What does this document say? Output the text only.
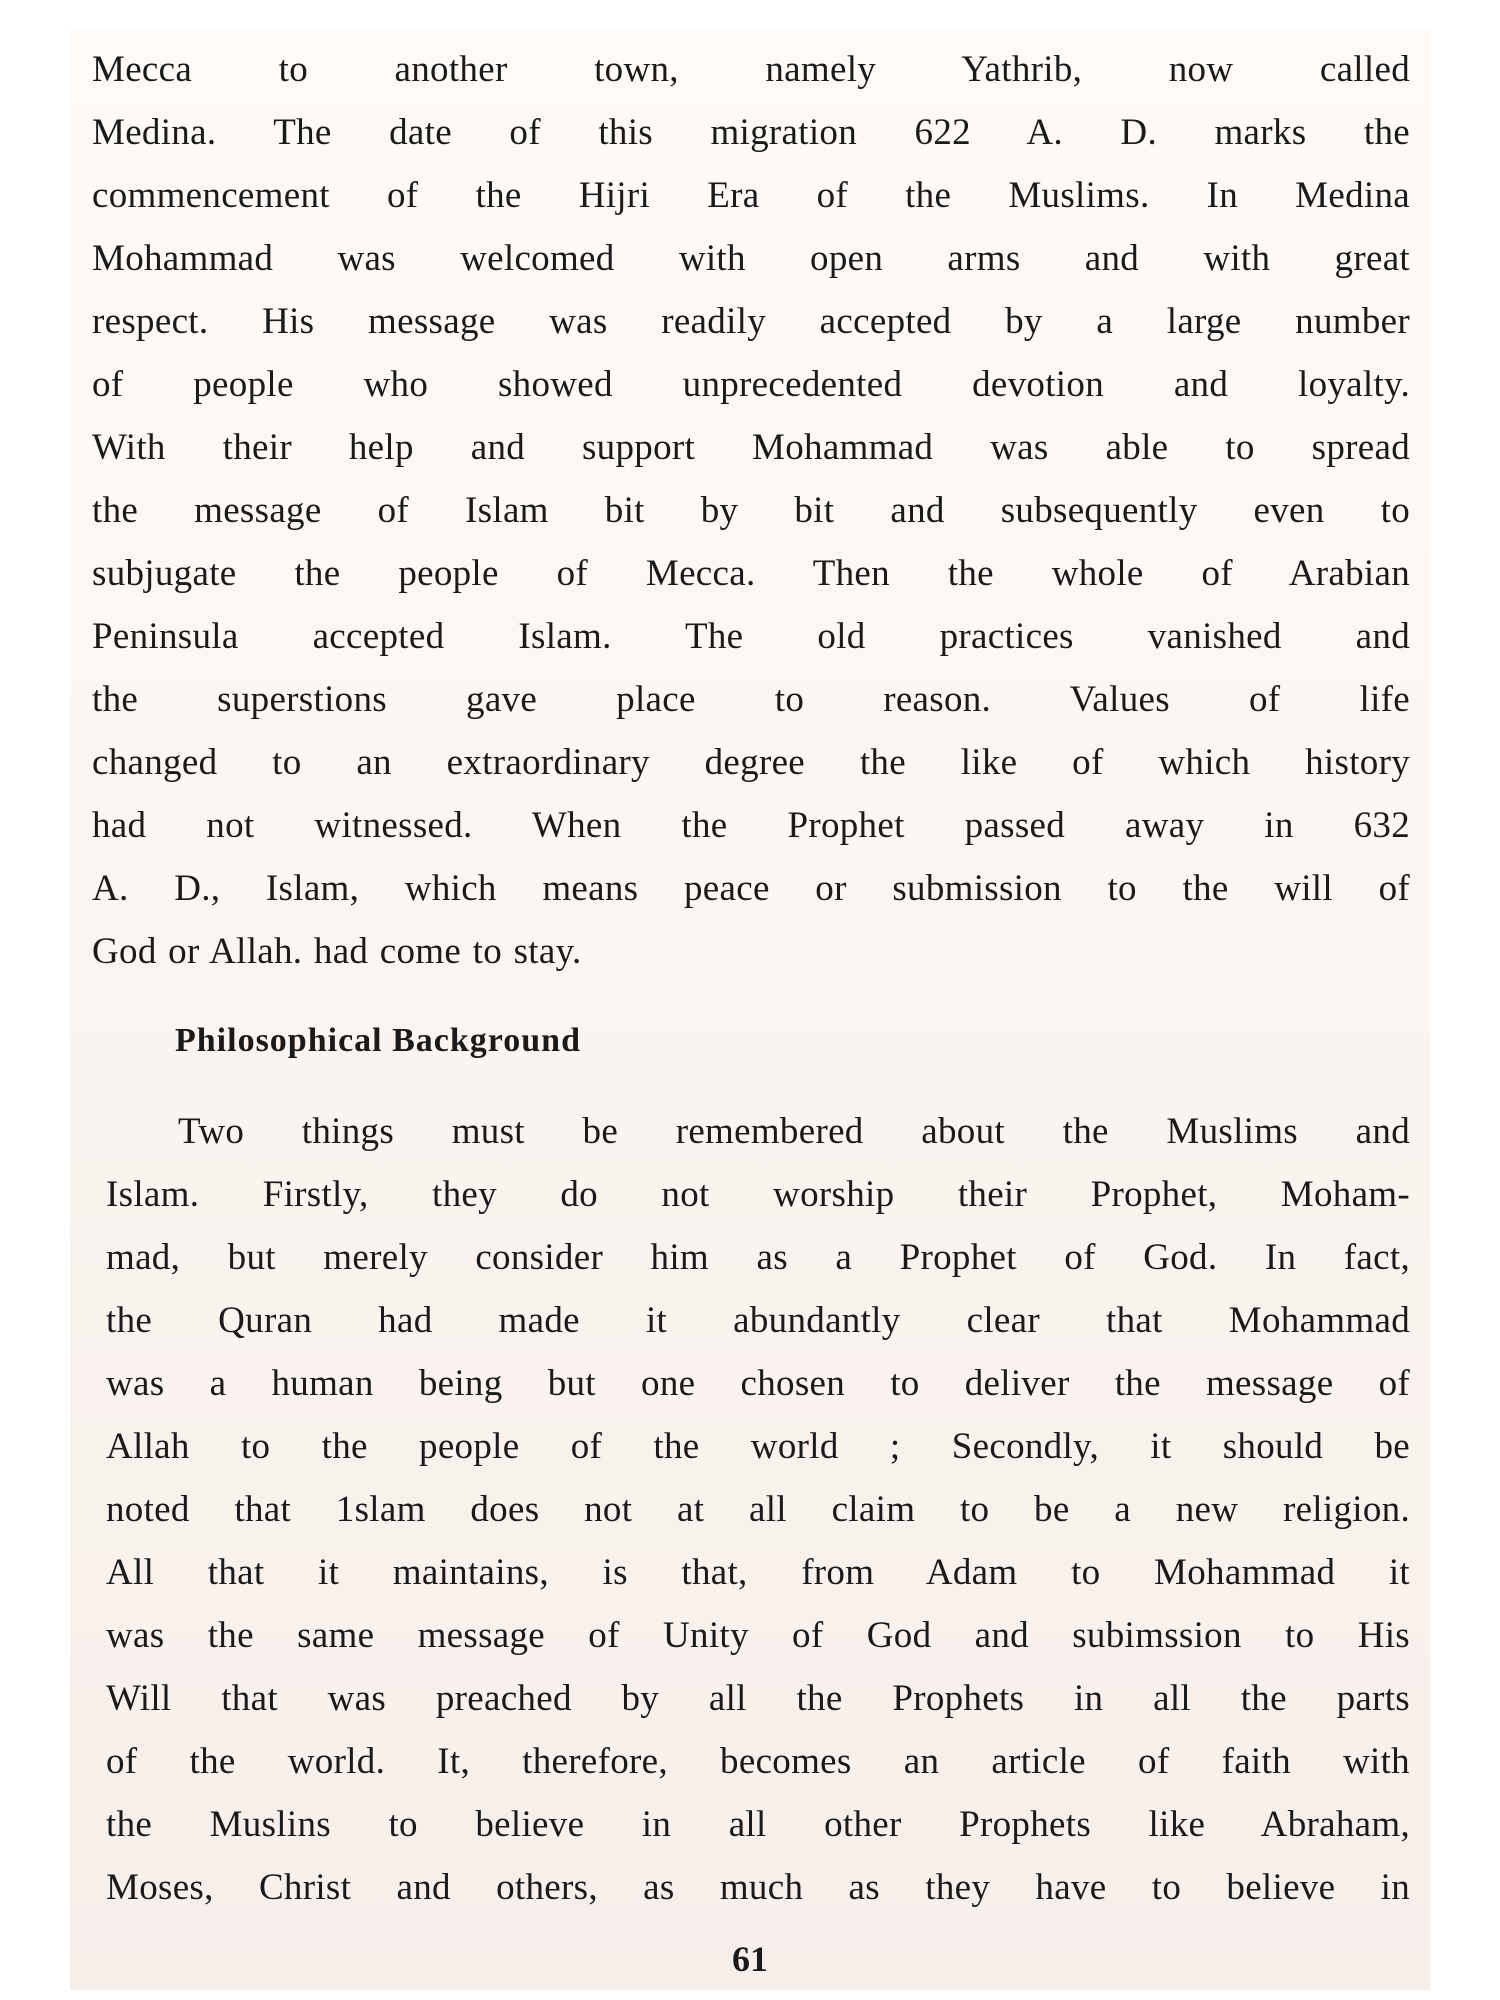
Mecca to another town, namely Yathrib, now called
Medina. The date of this migration 622 A. D. marks the
commencement of the Hijri Era of the Muslims. In Medina
Mohammad was welcomed with open arms and with great
respect. His message was readily accepted by a large number
of people who showed unprecedented devotion and loyalty.
With their help and support Mohammad was able to spread
the message of Islam bit by bit and subsequently even to
subjugate the people of Mecca. Then the whole of Arabian
Peninsula accepted Islam. The old practices vanished and
the superstions gave place to reason. Values of life
changed to an extraordinary degree the like of which history
had not witnessed. When the Prophet passed away in 632
A. D., Islam, which means peace or submission to the will of
God or Allah. had come to stay.
Philosophical Background
Two things must be remembered about the Muslims and
Islam. Firstly, they do not worship their Prophet, Moham-
mad, but merely consider him as a Prophet of God. In fact,
the Quran had made it abundantly clear that Mohammad
was a human being but one chosen to deliver the message of
Allah to the people of the world ; Secondly, it should be
noted that 1slam does not at all claim to be a new religion.
All that it maintains, is that, from Adam to Mohammad it
was the same message of Unity of God and subimssion to His
Will that was preached by all the Prophets in all the parts
of the world. It, therefore, becomes an article of faith with
the Muslins to believe in all other Prophets like Abraham,
Moses, Christ and others, as much as they have to believe in
61
